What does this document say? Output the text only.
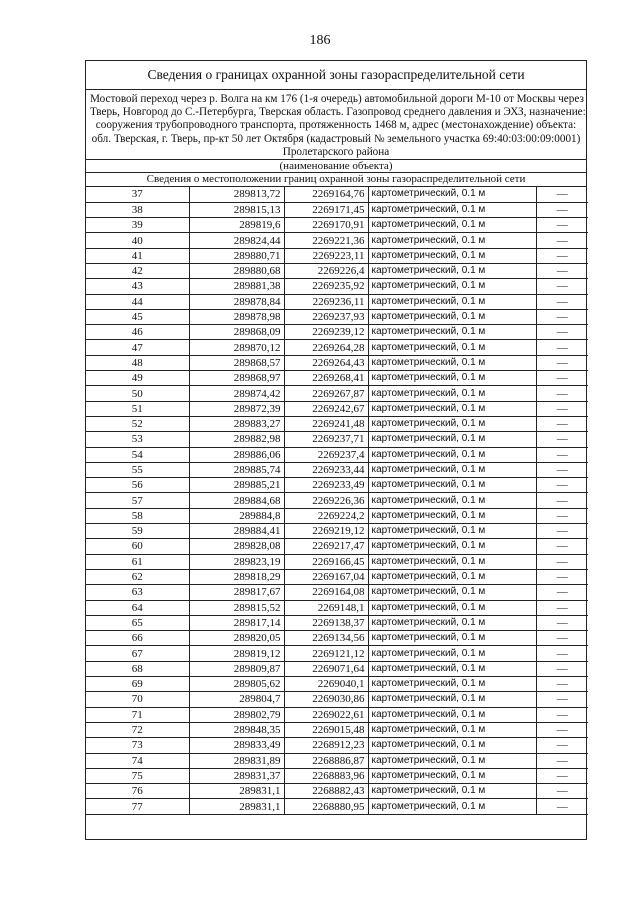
186
Сведения о границах охранной зоны газораспределительной сети
Мостовой переход через р. Волга на км 176 (1-я очередь) автомобильной дороги М-10 от Москвы через
Тверь, Новгород до С.-Петербурга, Тверская область. Газопровод среднего давления и ЭХЗ, назначение:
сооружения трубопроводного транспорта, протяженность 1468 м, адрес (местонахождение) объекта:
обл. Тверская, г. Тверь, пр-кт 50 лет Октября (кадастровый № земельного участка 69:40:03:00:09:0001)
Пролетарского района
(наименование объекта)
Сведения о местоположении границ охранной зоны газораспределительной сети
37	289813,72	2269164,76	картометрический, 0.1 м	—
38	289815,13	2269171,45	картометрический, 0.1 м	—
39	289819,6	2269170,91	картометрический, 0.1 м	—
40	289824,44	2269221,36	картометрический, 0.1 м	—
41	289880,71	2269223,11	картометрический, 0.1 м	—
42	289880,68	2269226,4	картометрический, 0.1 м	—
43	289881,38	2269235,92	картометрический, 0.1 м	—
44	289878,84	2269236,11	картометрический, 0.1 м	—
45	289878,98	2269237,93	картометрический, 0.1 м	—
46	289868,09	2269239,12	картометрический, 0.1 м	—
47	289870,12	2269264,28	картометрический, 0.1 м	—
48	289868,57	2269264,43	картометрический, 0.1 м	—
49	289868,97	2269268,41	картометрический, 0.1 м	—
50	289874,42	2269267,87	картометрический, 0.1 м	—
51	289872,39	2269242,67	картометрический, 0.1 м	—
52	289883,27	2269241,48	картометрический, 0.1 м	—
53	289882,98	2269237,71	картометрический, 0.1 м	—
54	289886,06	2269237,4	картометрический, 0.1 м	—
55	289885,74	2269233,44	картометрический, 0.1 м	—
56	289885,21	2269233,49	картометрический, 0.1 м	—
57	289884,68	2269226,36	картометрический, 0.1 м	—
58	289884,8	2269224,2	картометрический, 0.1 м	—
59	289884,41	2269219,12	картометрический, 0.1 м	—
60	289828,08	2269217,47	картометрический, 0.1 м	—
61	289823,19	2269166,45	картометрический, 0.1 м	—
62	289818,29	2269167,04	картометрический, 0.1 м	—
63	289817,67	2269164,08	картометрический, 0.1 м	—
64	289815,52	2269148,1	картометрический, 0.1 м	—
65	289817,14	2269138,37	картометрический, 0.1 м	—
66	289820,05	2269134,56	картометрический, 0.1 м	—
67	289819,12	2269121,12	картометрический, 0.1 м	—
68	289809,87	2269071,64	картометрический, 0.1 м	—
69	289805,62	2269040,1	картометрический, 0.1 м	—
70	289804,7	2269030,86	картометрический, 0.1 м	—
71	289802,79	2269022,61	картометрический, 0.1 м	—
72	289848,35	2269015,48	картометрический, 0.1 м	—
73	289833,49	2268912,23	картометрический, 0.1 м	—
74	289831,89	2268886,87	картометрический, 0.1 м	—
75	289831,37	2268883,96	картометрический, 0.1 м	—
76	289831,1	2268882,43	картометрический, 0.1 м	—
77	289831,1	2268880,95	картометрический, 0.1 м	—
